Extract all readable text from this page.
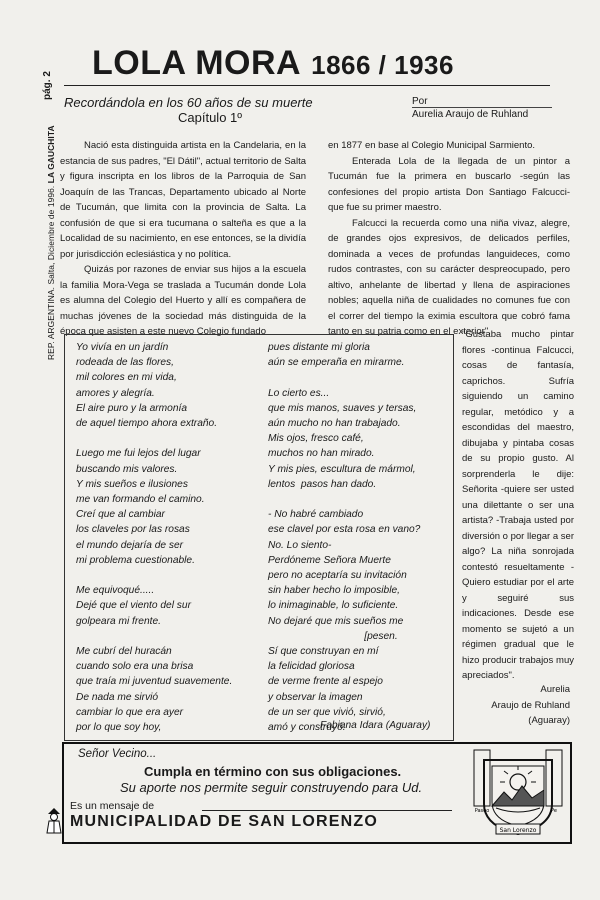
REP. ARGENTINA. Salta, Diciembre de 1996. LA GAUCHITA
pág. 2
LOLA MORA 1866 / 1936
Recordándola en los 60 años de su muerte
Capítulo 1º
Por
Aurelia Araujo de Ruhland

Nació esta distinguida artista en la Candelaria, en la estancia de sus padres, "El Dátil", actual territorio de Salta y figura inscripta en los libros de la Parroquia de San Joaquín de las Trancas, Departamento ubicado al Norte de Tucumán, que limita con la provincia de Salta. La confusión de que si era tucumana o salteña es que a la Localidad de su nacimiento, en ese entonces, se la dividía por jurisdicción eclesiástica y no política.

Quizás por razones de enviar sus hijos a la escuela la familia Mora-Vega se traslada a Tucumán donde Lola es alumna del Colegio del Huerto y allí es compañera de muchas jóvenes de la sociedad más distinguida de la época que asisten a este nuevo Colegio fundado

en 1877 en base al Colegio Municipal Sarmiento.

Enterada Lola de la llegada de un pintor a Tucumán fue la primera en buscarlo -según las confesiones del propio artista Don Santiago Falcucci- que fue su primer maestro.

Falcucci la recuerda como una niña vivaz, alegre, de grandes ojos expresivos, de delicados perfiles, dominada a veces de profundas languideces, como rudos contrastes, con su carácter despreocupado, pero altivo, anhelante de libertad y llena de aspiraciones nobles; aquella niña de cualidades no comunes fue con el correr del tiempo la eximia escultora que cobró fama tanto en su patria como en el exterior".

Yo vivía en un jardín
rodeada de las flores,
mil colores en mi vida,
amores y alegría.
El aire puro y la armonía
de aquel tiempo ahora extraño.

Luego me fui lejos del lugar
buscando mis valores.
Y mis sueños e ilusiones
me van formando el camino.
Creí que al cambiar
los claveles por las rosas
el mundo dejaría de ser
mi problema cuestionable.

Me equivoqué.....
Dejé que el viento del sur
golpeara mi frente.

Me cubrí del huracán
cuando solo era una brisa
que traía mi juventud suavemente.
De nada me sirvió
cambiar lo que era ayer
por lo que soy hoy,
pues distante mi gloria
aún se emperaña en mirarme.

Lo cierto es...
que mis manos, suaves y tersas,
aún mucho no han trabajado.
Mis ojos, fresco café,
muchos no han mirado.
Y mis pies, escultura de mármol,
lentos  pasos han dado.

- No habré cambiado
ese clavel por esta rosa en vano?
No. Lo siento-
Perdóneme Señora Muerte
pero no aceptaría su invitación
sin haber hecho lo imposible,
lo inimaginable, lo suficiente.
No dejaré que mis sueños me
[pesen.
Sí que construyan en mí
la felicidad gloriosa
de verme frente al espejo
y observar la imagen
de un ser que vivió, sirvió,
amó y construyó.
Fabiana Idara (Aguaray)
"Gustaba mucho pintar flores -continua Falcucci, cosas de fantasía, caprichos. Sufría siguiendo un camino regular, metódico y a escondidas del maestro, dibujaba y pintaba cosas de su propio gusto. Al sorprenderla le dije: Señorita -quiere ser usted una dilettante o ser una artista? -Trabaja usted por diversión o por llegar a ser algo? La niña sonrojada contestó resueltamente -Quiero estudiar por el arte y seguiré sus indicaciones. Desde ese momento se sujetó a un régimen gradual que le hizo producir trabajos muy apreciados".
Aurelia
Araujo de Ruhland
(Aguaray)
Señor Vecino...
Cumpla en término con sus obligaciones.
Su aporte nos permite seguir construyendo para Ud.
Es un mensaje de
MUNICIPALIDAD DE SAN LORENZO
San Lorenzo
Paseo	Pe
